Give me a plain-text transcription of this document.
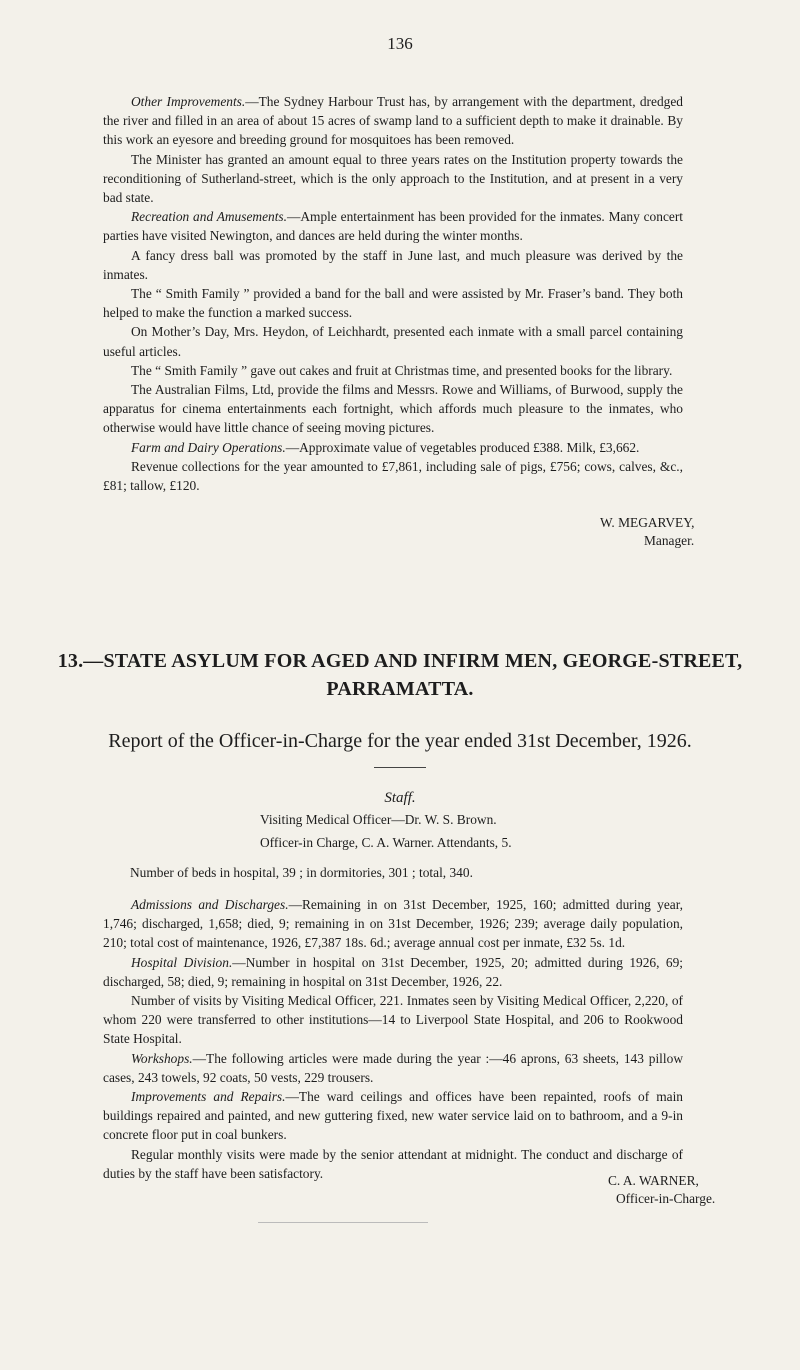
136

Other Improvements.—The Sydney Harbour Trust has, by arrangement with the department, dredged the river and filled in an area of about 15 acres of swamp land to a sufficient depth to make it drainable. By this work an eyesore and breeding ground for mosquitoes has been removed.

The Minister has granted an amount equal to three years rates on the Institution property towards the reconditioning of Sutherland-street, which is the only approach to the Institution, and at present in a very bad state.

Recreation and Amusements.—Ample entertainment has been provided for the inmates. Many concert parties have visited Newington, and dances are held during the winter months.

A fancy dress ball was promoted by the staff in June last, and much pleasure was derived by the inmates.

The “ Smith Family ” provided a band for the ball and were assisted by Mr. Fraser’s band. They both helped to make the function a marked success.

On Mother’s Day, Mrs. Heydon, of Leichhardt, presented each inmate with a small parcel containing useful articles.

The “ Smith Family ” gave out cakes and fruit at Christmas time, and presented books for the library.

The Australian Films, Ltd, provide the films and Messrs. Rowe and Williams, of Burwood, supply the apparatus for cinema entertainments each fortnight, which affords much pleasure to the inmates, who otherwise would have little chance of seeing moving pictures.

Farm and Dairy Operations.—Approximate value of vegetables produced £388. Milk, £3,662.

Revenue collections for the year amounted to £7,861, including sale of pigs, £756; cows, calves, &c., £81; tallow, £120.

W. MEGARVEY,
Manager.
13.—STATE ASYLUM FOR AGED AND INFIRM MEN, GEORGE-STREET,
PARRAMATTA.
Report of the Officer-in-Charge for the year ended 31st December, 1926.
Staff.
Visiting Medical Officer—Dr. W. S. Brown.
Officer-in Charge, C. A. Warner. Attendants, 5.
Number of beds in hospital, 39 ; in dormitories, 301 ; total, 340.

Admissions and Discharges.—Remaining in on 31st December, 1925, 160; admitted during year, 1,746; discharged, 1,658; died, 9; remaining in on 31st December, 1926; 239; average daily population, 210; total cost of maintenance, 1926, £7,387 18s. 6d.; average annual cost per inmate, £32 5s. 1d.

Hospital Division.—Number in hospital on 31st December, 1925, 20; admitted during 1926, 69; discharged, 58; died, 9; remaining in hospital on 31st December, 1926, 22.

Number of visits by Visiting Medical Officer, 221. Inmates seen by Visiting Medical Officer, 2,220, of whom 220 were transferred to other institutions—14 to Liverpool State Hospital, and 206 to Rookwood State Hospital.

Workshops.—The following articles were made during the year :—46 aprons, 63 sheets, 143 pillow cases, 243 towels, 92 coats, 50 vests, 229 trousers.

Improvements and Repairs.—The ward ceilings and offices have been repainted, roofs of main buildings repaired and painted, and new guttering fixed, new water service laid on to bathroom, and a 9-in concrete floor put in coal bunkers.

Regular monthly visits were made by the senior attendant at midnight. The conduct and discharge of duties by the staff have been satisfactory.	C. A. WARNER,
Officer-in-Charge.
